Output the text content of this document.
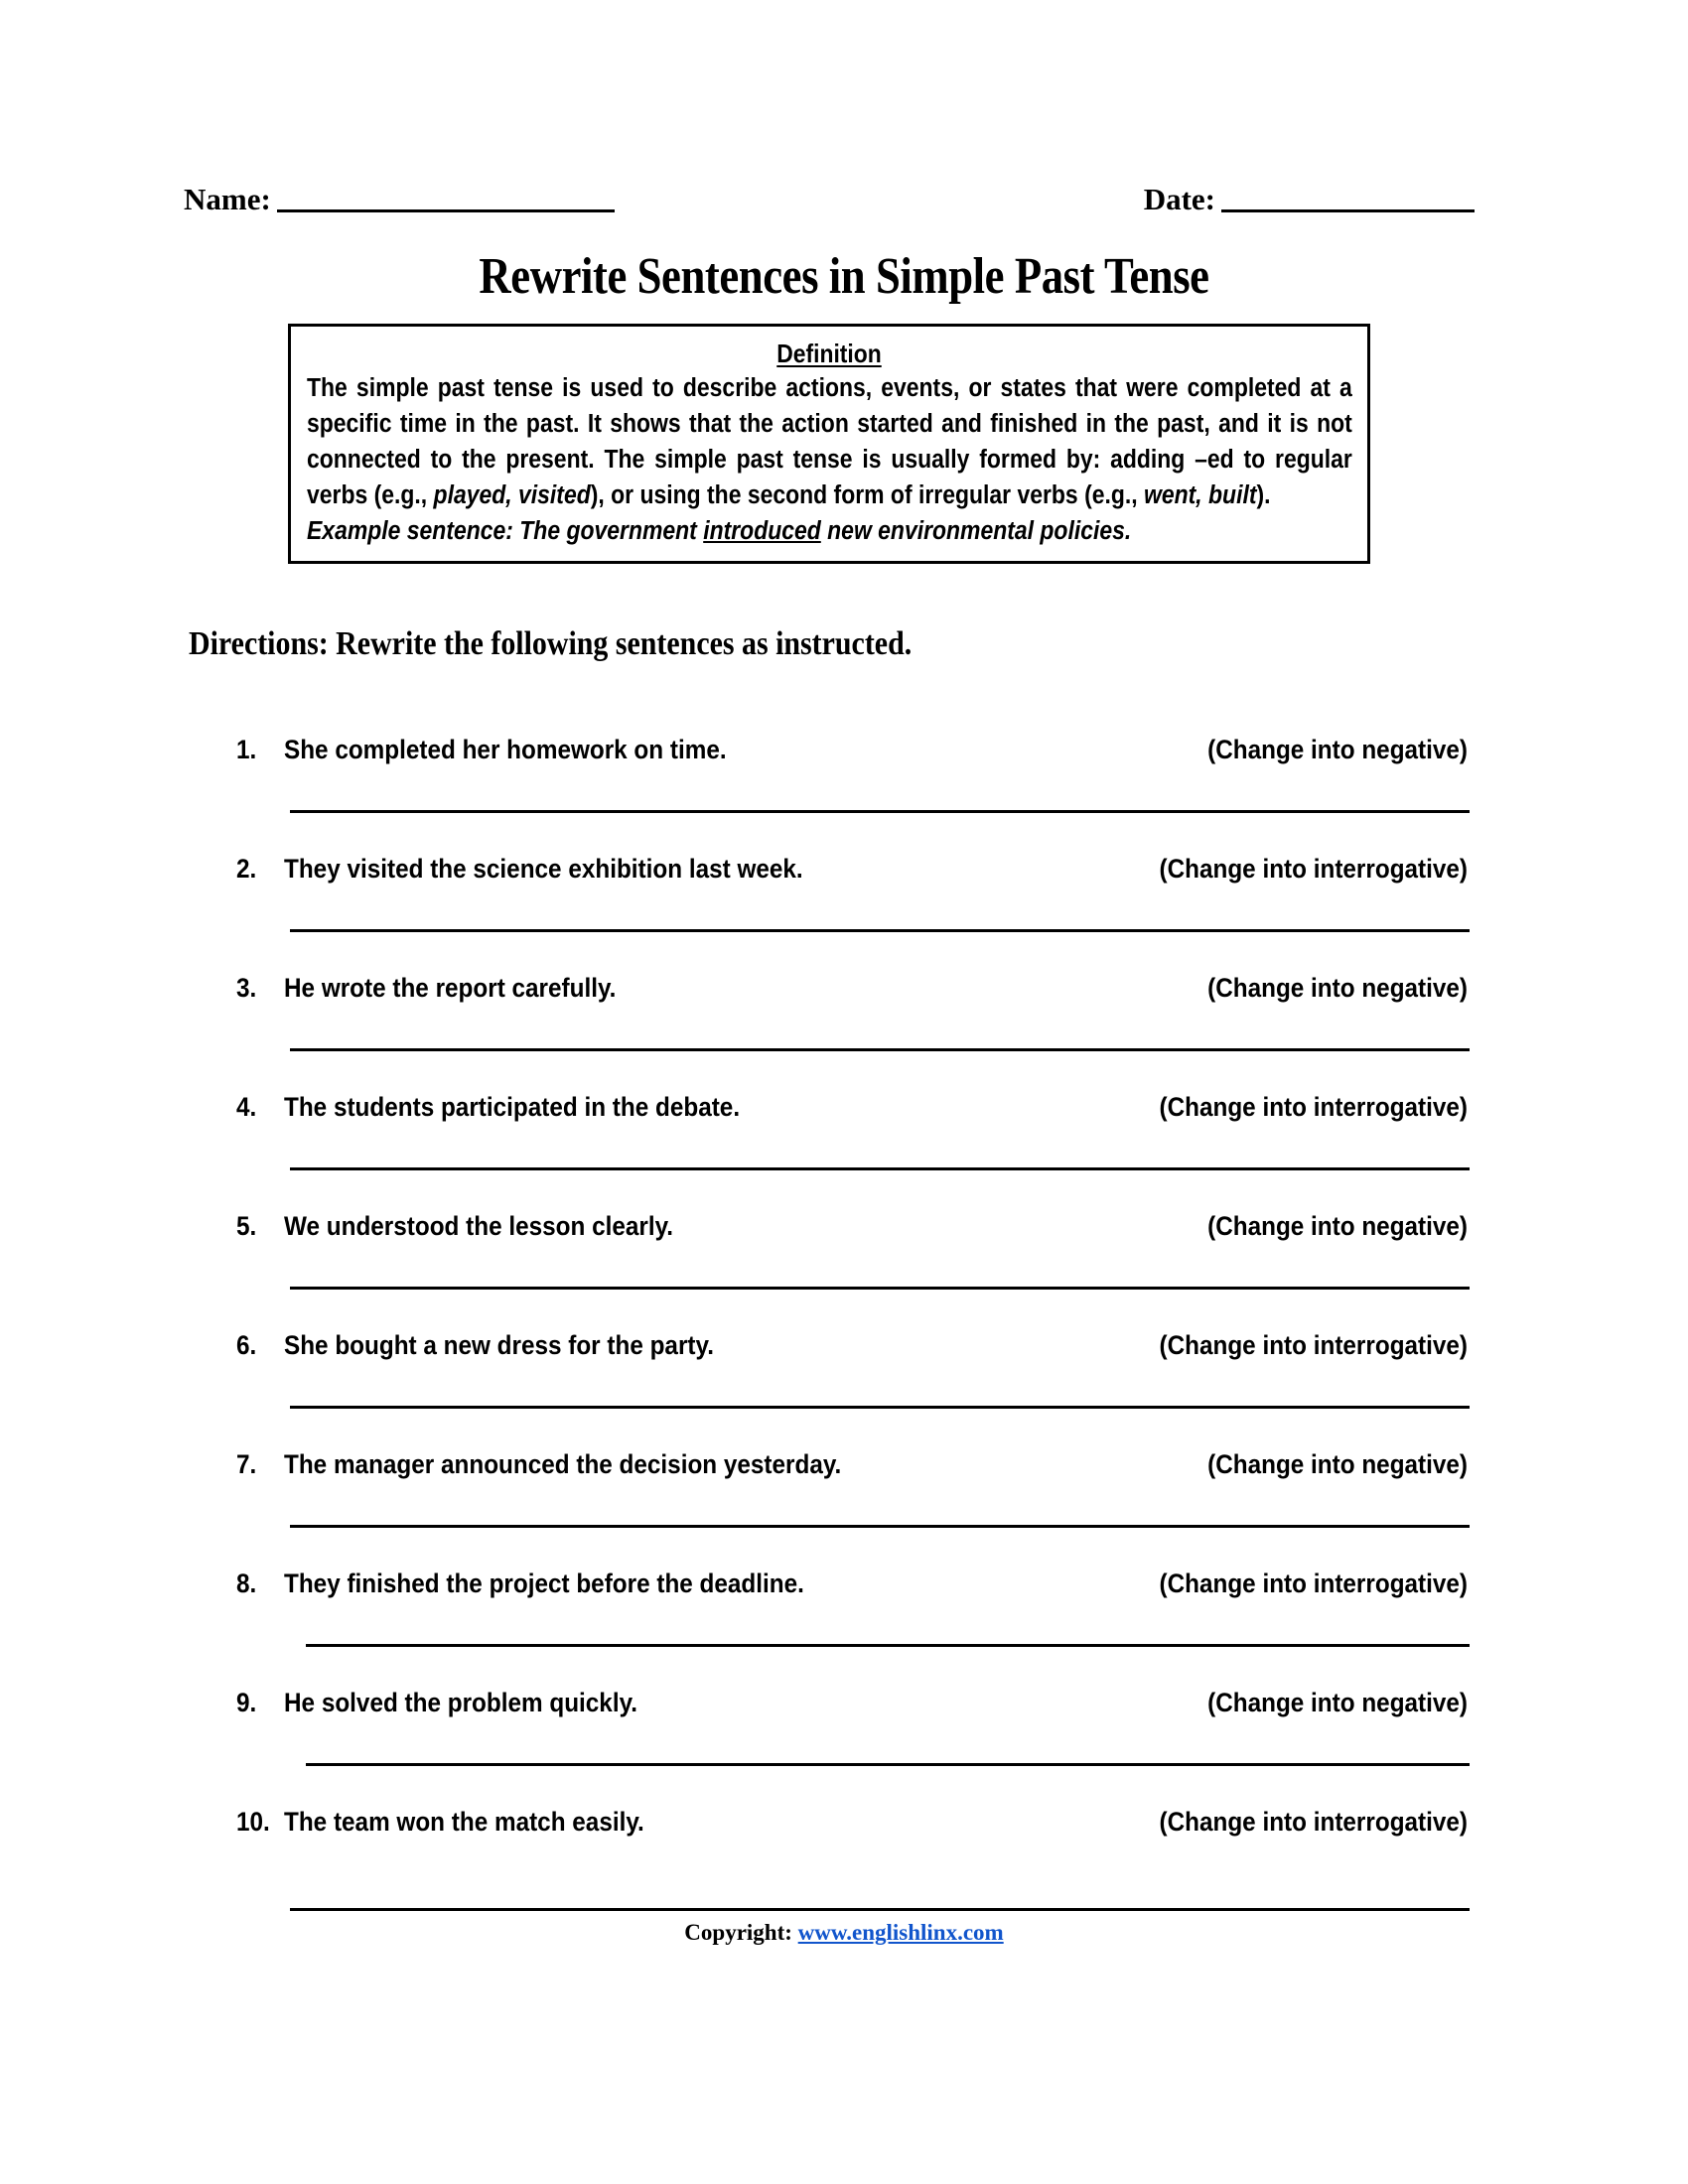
Name:	Date:
Rewrite Sentences in Simple Past Tense
Definition
The simple past tense is used to describe actions, events, or states that were completed at a specific time in the past. It shows that the action started and finished in the past, and it is not connected to the present. The simple past tense is usually formed by: adding –ed to regular verbs (e.g., played, visited), or using the second form of irregular verbs (e.g., went, built).
Example sentence: The government introduced new environmental policies.
Directions: Rewrite the following sentences as instructed.
1.	She completed her homework on time.	(Change into negative)
2.	They visited the science exhibition last week.	(Change into interrogative)
3.	He wrote the report carefully.	(Change into negative)
4.	The students participated in the debate.	(Change into interrogative)
5.	We understood the lesson clearly.	(Change into negative)
6.	She bought a new dress for the party.	(Change into interrogative)
7.	The manager announced the decision yesterday.	(Change into negative)
8.	They finished the project before the deadline.	(Change into interrogative)
9.	He solved the problem quickly.	(Change into negative)
10. The team won the match easily.	(Change into interrogative)
Copyright: www.englishlinx.com
